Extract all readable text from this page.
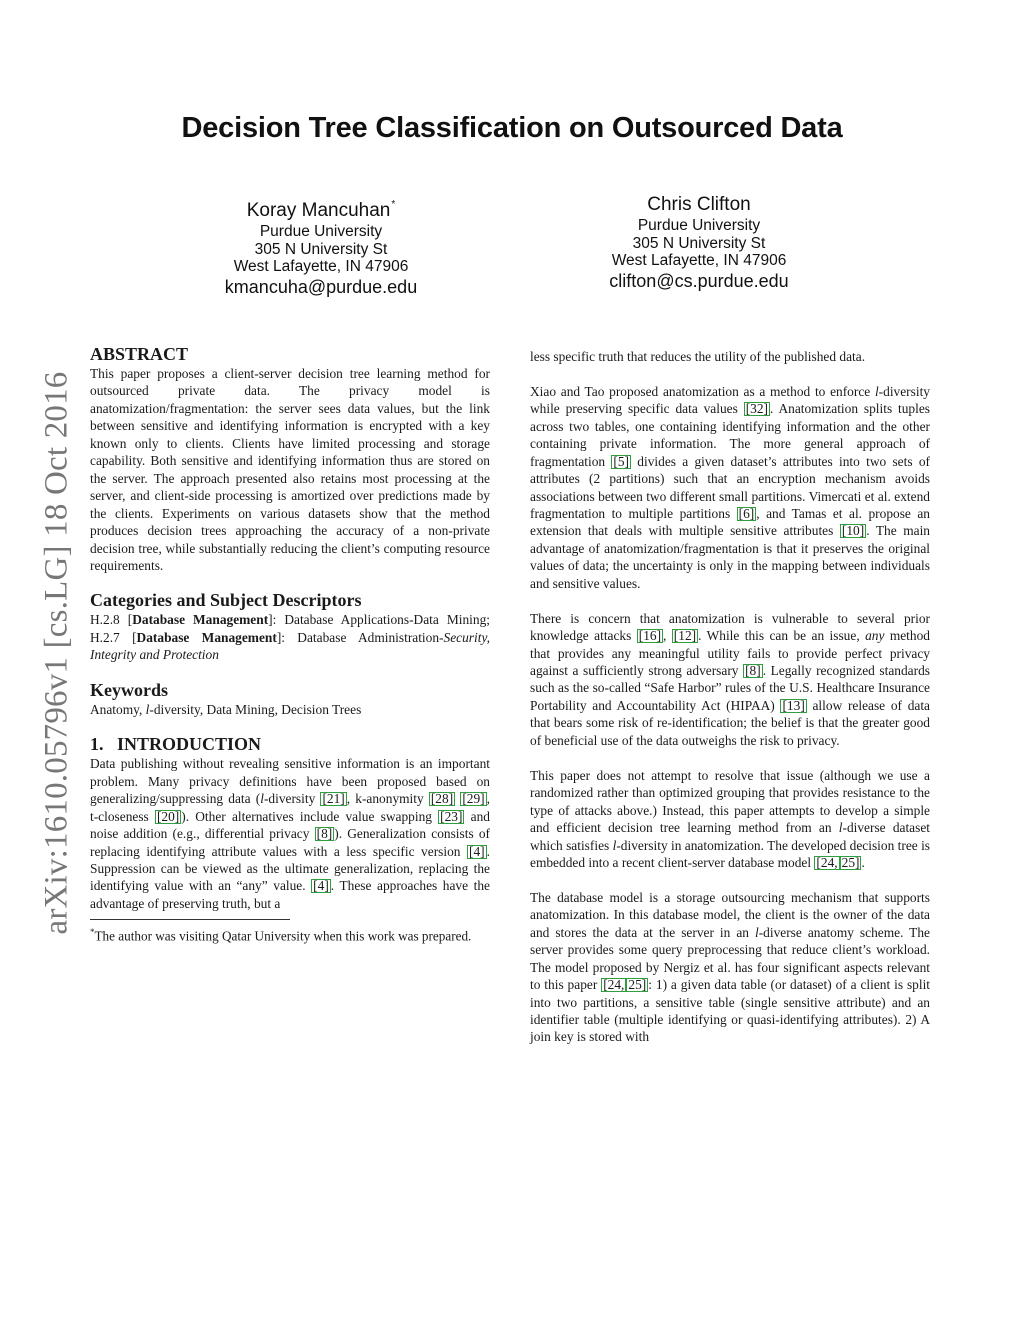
Decision Tree Classification on Outsourced Data
Koray Mancuhan*
Purdue University
305 N University St
West Lafayette, IN 47906
kmancuha@purdue.edu
Chris Clifton
Purdue University
305 N University St
West Lafayette, IN 47906
clifton@cs.purdue.edu
arXiv:1610.05796v1 [cs.LG] 18 Oct 2016
ABSTRACT

This paper proposes a client-server decision tree learning method for outsourced private data. The privacy model is anatomization/fragmentation: the server sees data values, but the link between sensitive and identifying information is encrypted with a key known only to clients. Clients have limited processing and storage capability. Both sensitive and identifying information thus are stored on the server. The approach presented also retains most processing at the server, and client-side processing is amortized over predictions made by the clients. Experiments on various datasets show that the method produces decision trees approaching the accuracy of a non-private decision tree, while substantially reducing the client’s computing resource requirements.

Categories and Subject Descriptors

H.2.8 [Database Management]: Database Applications-Data Mining; H.2.7 [Database Management]: Database Administration-Security, Integrity and Protection

Keywords

Anatomy, l-diversity, Data Mining, Decision Trees

1.   INTRODUCTION

Data publishing without revealing sensitive information is an important problem. Many privacy definitions have been proposed based on generalizing/suppressing data (l-diversity [21] , k-anonymity [28] [29] , t-closeness [20] ). Other alternatives include value swapping [23] and noise addition (e.g., differential privacy [8] ). Generalization consists of replacing identifying attribute values with a less specific version [4] . Suppression can be viewed as the ultimate generalization, replacing the identifying value with an “any” value. [4] . These approaches have the advantage of preserving truth, but a

*The author was visiting Qatar University when this work was prepared.

less specific truth that reduces the utility of the published data.

Xiao and Tao proposed anatomization as a method to enforce l-diversity while preserving specific data values [32] . Anatomization splits tuples across two tables, one containing identifying information and the other containing private information. The more general approach of fragmentation [5] divides a given dataset’s attributes into two sets of attributes (2 partitions) such that an encryption mechanism avoids associations between two different small partitions. Vimercati et al. extend fragmentation to multiple partitions [6] , and Tamas et al. propose an extension that deals with multiple sensitive attributes [10] . The main advantage of anatomization/fragmentation is that it preserves the original values of data; the uncertainty is only in the mapping between individuals and sensitive values.

There is concern that anatomization is vulnerable to several prior knowledge attacks [16] , [12] . While this can be an issue, any method that provides any meaningful utility fails to provide perfect privacy against a sufficiently strong adversary [8] . Legally recognized standards such as the so-called “Safe Harbor” rules of the U.S. Healthcare Insurance Portability and Accountability Act (HIPAA) [13] allow release of data that bears some risk of re-identification; the belief is that the greater good of beneficial use of the data outweighs the risk to privacy.

This paper does not attempt to resolve that issue (although we use a randomized rather than optimized grouping that provides resistance to the type of attacks above.) Instead, this paper attempts to develop a simple and efficient decision tree learning method from an l-diverse dataset which satisfies l-diversity in anatomization. The developed decision tree is embedded into a recent client-server database model [24, 25] .

The database model is a storage outsourcing mechanism that supports anatomization. In this database model, the client is the owner of the data and stores the data at the server in an l-diverse anatomy scheme. The server provides some query preprocessing that reduce client’s workload. The model proposed by Nergiz et al. has four significant aspects relevant to this paper [24, 25] : 1) a given data table (or dataset) of a client is split into two partitions, a sensitive table (single sensitive attribute) and an identifier table (multiple identifying or quasi-identifying attributes). 2) A join key is stored with
